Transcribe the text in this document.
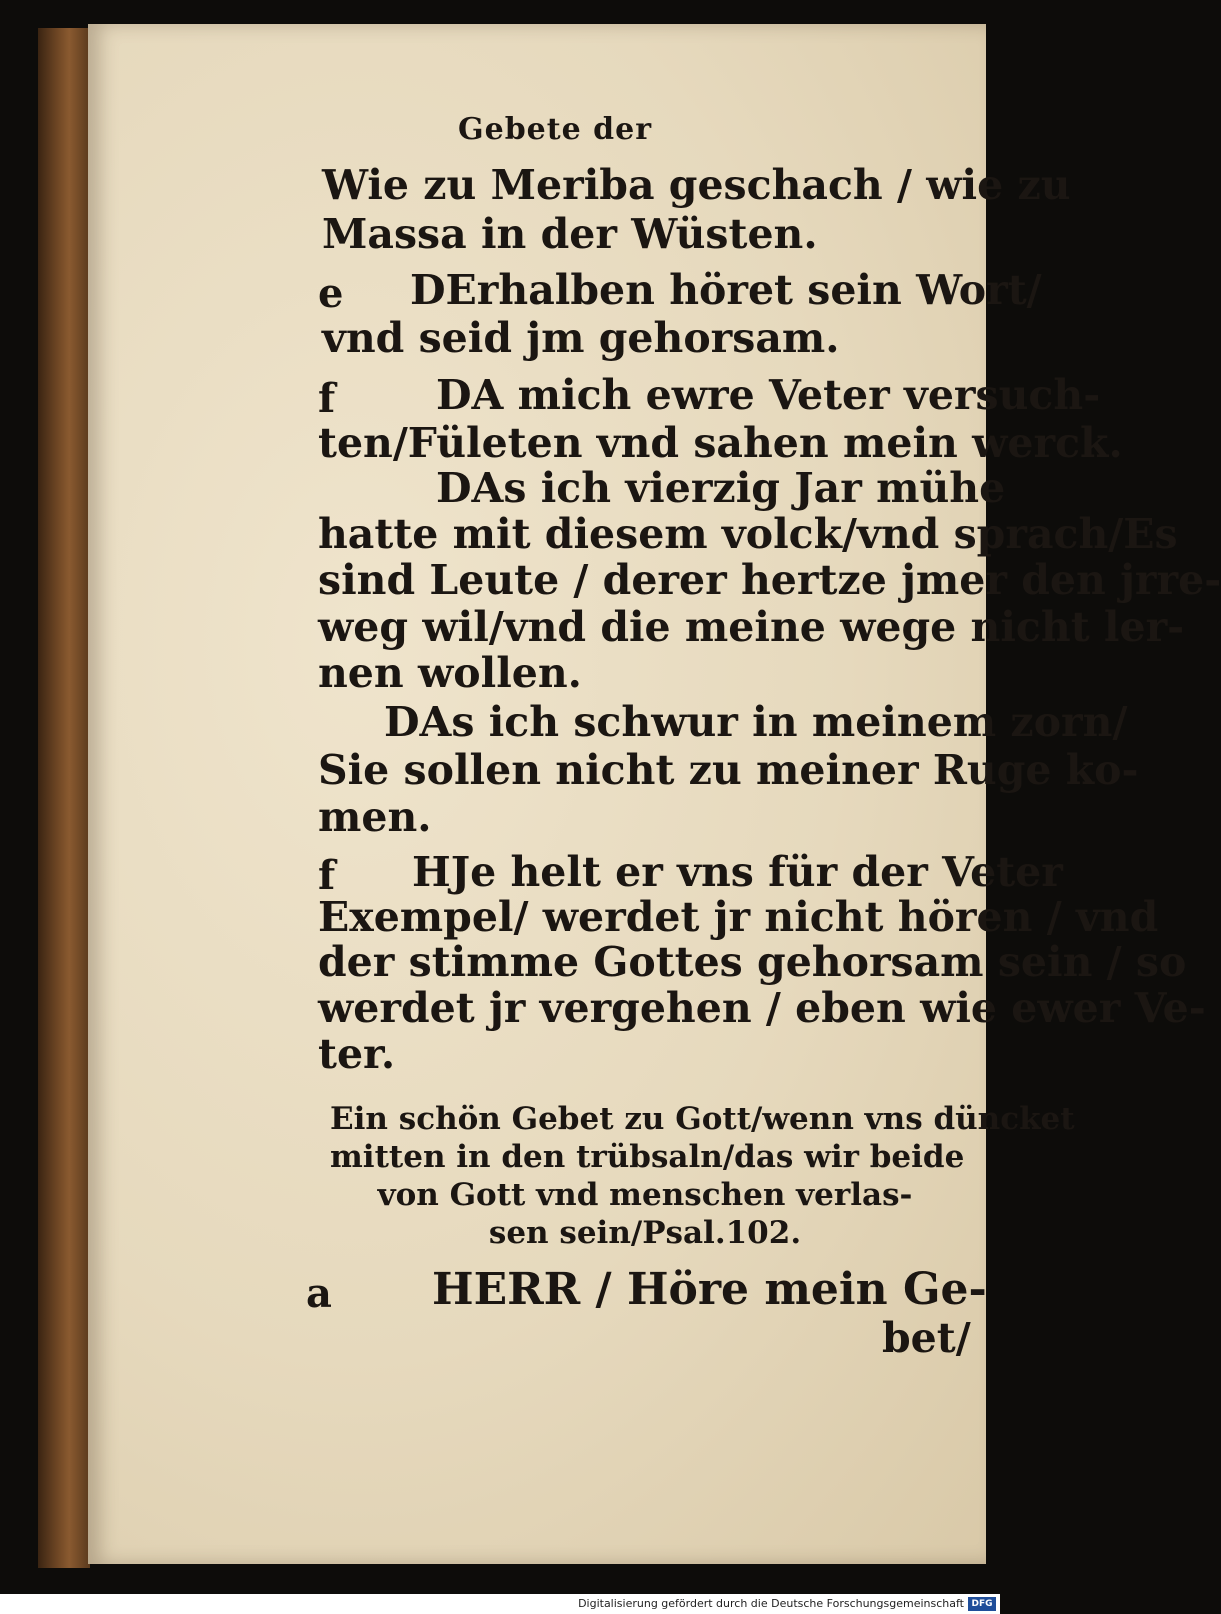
Gebete der
Wie zu Meriba geschach / wie zu
Massa in der Wüsten.
e DErhalben höret sein Wort/
vnd seid jm gehorsam.
f DA mich ewre Veter versuch-
ten/Fületen vnd sahen mein werck.
DAs ich vierzig Jar mühe
hatte mit diesem volck/vnd sprach/Es
sind Leute / derer hertze jmer den jrre-
weg wil/vnd die meine wege nicht ler-
nen wollen.
DAs ich schwur in meinem zorn/
Sie sollen nicht zu meiner Ruge ko-
men.
f HJe helt er vns für der Veter
Exempel/ werdet jr nicht hören / vnd
der stimme Gottes gehorsam sein / so
werdet jr vergehen / eben wie ewer Ve-
ter.
Ein schön Gebet zu Gott/wenn vns düncket
mitten in den trübsaln/das wir beide
von Gott vnd menschen verlas-
sen sein/Psal.102.
a HERR / Höre mein Ge-
bet/
Digitalisierung gefördert durch die Deutsche Forschungsgemeinschaft DFG
